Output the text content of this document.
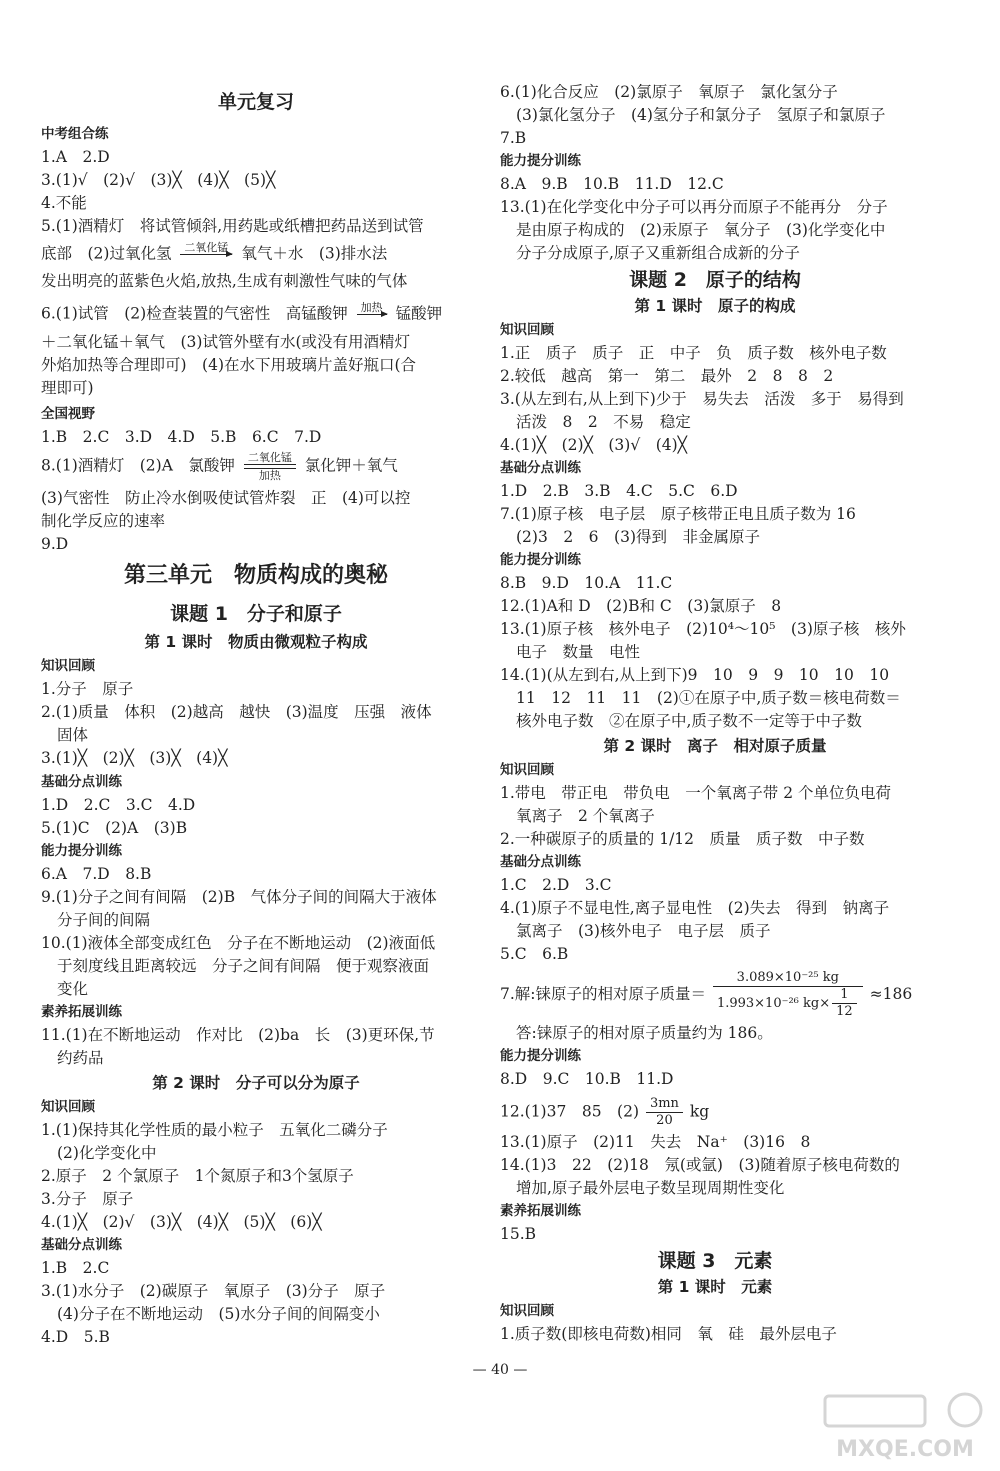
单元复习
中考组合练
1.A　2.D
3.(1)√　(2)√　(3)╳　(4)╳　(5)╳
4.不能
5.(1)酒精灯　将试管倾斜,用药匙或纸槽把药品送到试管
底部　(2)过氧化氢	二氧化锰 氧气＋水　(3)排水法
发出明亮的蓝紫色火焰,放热,生成有刺激性气味的气体
6.(1)试管　(2)检查装置的气密性　高锰酸钾	加热 锰酸钾
＋二氧化锰＋氧气　(3)试管外壁有水(或没有用酒精灯
外焰加热等合理即可)　(4)在水下用玻璃片盖好瓶口(合
理即可)
全国视野
1.B　2.C　3.D　4.D　5.B　6.C　7.D
8.(1)酒精灯　(2)A　氯酸钾	二氧化锰
加热
氯化钾＋氧气
(3)气密性　防止冷水倒吸使试管炸裂　正　(4)可以控
制化学反应的速率
9.D
第三单元　物质构成的奥秘
课题 1　分子和原子
第 1 课时　物质由微观粒子构成
知识回顾
1.分子　原子
2.(1)质量　体积　(2)越高　越快　(3)温度　压强　液体
固体
3.(1)╳　(2)╳　(3)╳　(4)╳
基础分点训练
1.D　2.C　3.C　4.D
5.(1)C　(2)A　(3)B
能力提分训练
6.A　7.D　8.B
9.(1)分子之间有间隔　(2)B　气体分子间的间隔大于液体
分子间的间隔
10.(1)液体全部变成红色　分子在不断地运动　(2)液面低
于刻度线且距离较远　分子之间有间隔　便于观察液面
变化
素养拓展训练
11.(1)在不断地运动　作对比　(2)ba　长　(3)更环保,节
约药品
第 2 课时　分子可以分为原子
知识回顾
1.(1)保持其化学性质的最小粒子　五氧化二磷分子
(2)化学变化中
2.原子　2 个氯原子　1个氮原子和3个氢原子
3.分子　原子
4.(1)╳　(2)√　(3)╳　(4)╳　(5)╳　(6)╳
基础分点训练
1.B　2.C
3.(1)水分子　(2)碳原子　氧原子　(3)分子　原子
(4)分子在不断地运动　(5)水分子间的间隔变小
4.D　5.B
6.(1)化合反应　(2)氯原子　氧原子　氯化氢分子
(3)氯化氢分子　(4)氢分子和氯分子　氢原子和氯原子
7.B
能力提分训练
8.A　9.B　10.B　11.D　12.C
13.(1)在化学变化中分子可以再分而原子不能再分　分子
是由原子构成的　(2)汞原子　氧分子　(3)化学变化中
分子分成原子,原子又重新组合成新的分子
课题 2　原子的结构
第 1 课时　原子的构成
知识回顾
1.正　质子　质子　正　中子　负　质子数　核外电子数
2.较低　越高　第一　第二　最外　2　8　8　2
3.(从左到右,从上到下)少于　易失去　活泼　多于　易得到
活泼　8　2　不易　稳定
4.(1)╳　(2)╳　(3)√　(4)╳
基础分点训练
1.D　2.B　3.B　4.C　5.C　6.D
7.(1)原子核　电子层　原子核带正电且质子数为 16
(2)3　2　6　(3)得到　非金属原子
能力提分训练
8.B　9.D　10.A　11.C
12.(1)A和 D　(2)B和 C　(3)氯原子　8
13.(1)原子核　核外电子　(2)10⁴～10⁵　(3)原子核　核外
电子　数量　电性
14.(1)(从左到右,从上到下)9　10　9　9　10　10　10
11　12　11　11　(2)①在原子中,质子数＝核电荷数＝
核外电子数　②在原子中,质子数不一定等于中子数
第 2 课时　离子　相对原子质量
知识回顾
1.带电　带正电　带负电　一个氧离子带 2 个单位负电荷
氧离子　2 个氧离子
2.一种碳原子的质量的 1/12　质量　质子数　中子数
基础分点训练
1.C　2.D　3.C
4.(1)原子不显电性,离子显电性　(2)失去　得到　钠离子
氯离子　(3)核外电子　电子层　质子
5.C　6.B
7.解:铼原子的相对原子质量＝ $\frac{\text{3.089×10⁻²⁵ kg}}{1.993\times 10^{-26} kg\times \frac{1}{12}} \approx 186$
答:铼原子的相对原子质量约为 186。
能力提分训练
8.D　9.C　10.B　11.D
12.(1)37　85　$(2) \frac{3mn}{20}$ kg
13.(1)原子　(2)11　失去　Na⁺　(3)16　8
14.(1)3　22　(2)18　氖(或氩)　(3)随着原子核电荷数的
增加,原子最外层电子数呈现周期性变化
素养拓展训练
15.B
课题 3　元素
第 1 课时　元素
知识回顾
1.质子数(即核电荷数)相同　氧　硅　最外层电子
— 40 —
MXQE.COM
